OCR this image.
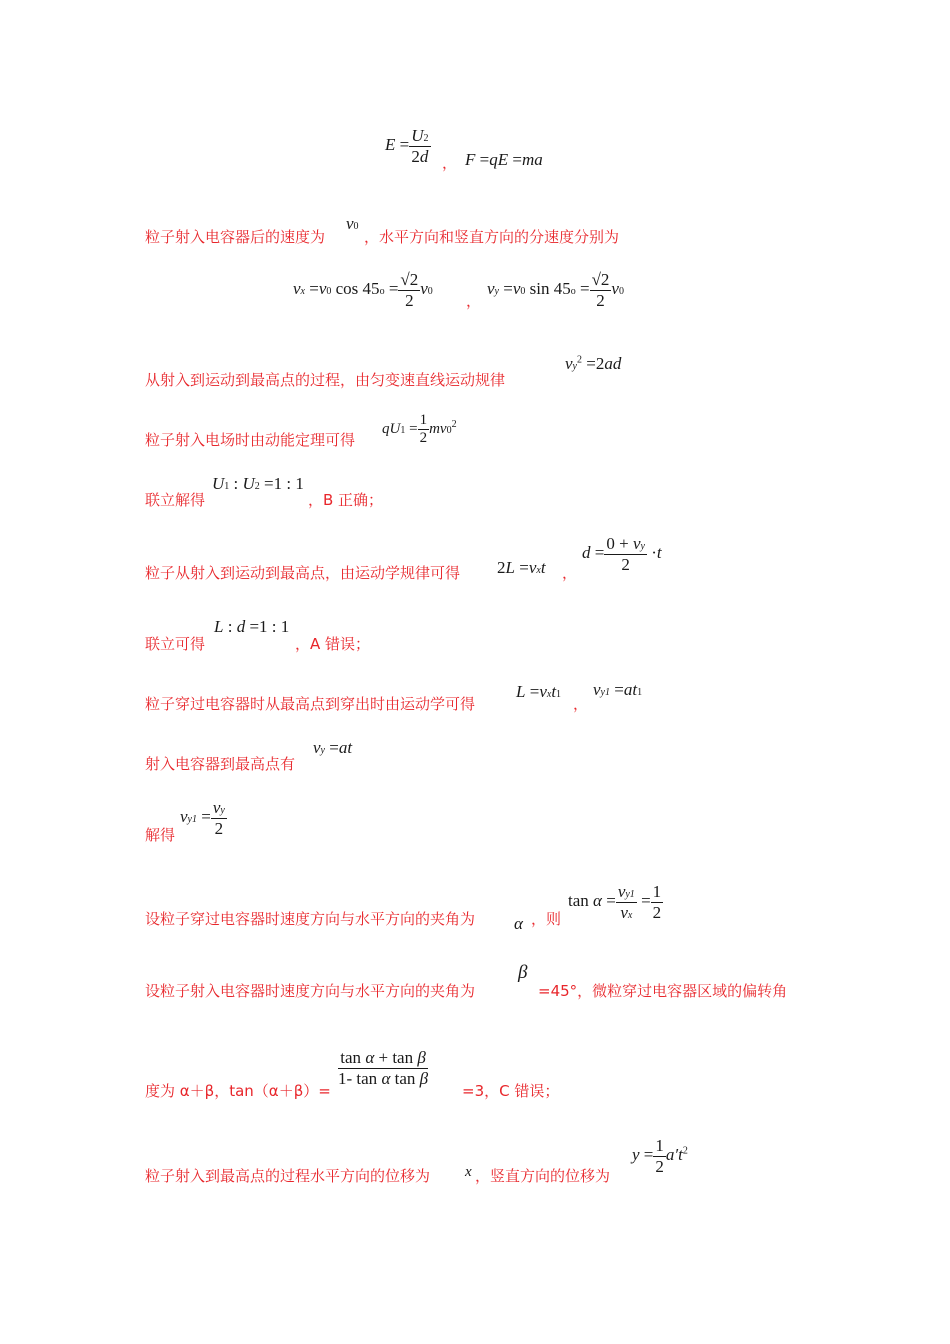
$E = \frac{U2}{2d}$ ， F =qE =ma
粒子射入电容器后的速度为
v0
，水平方向和竖直方向的分速度分别为
vx =v0 $\cos 45o = \frac{√2}{2} v0$
，
vy =v0 $\sin 45o = \frac{√2}{2} v0$
从射入到运动到最高点的过程，由匀变速直线运动规律
$vy^2 =2ad$
粒子射入电场时由动能定理可得
$qU1 = \frac{1}{2} mv0^2$
联立解得
U1 : U2 =1 : 1
，B 正确；
粒子从射入到运动到最高点，由运动学规律可得 2L =vxt ，
$d = \frac{0 + vy}{2} \cdot t$
联立可得
L : d =1 : 1
，A 错误；
粒子穿过电容器时从最高点到穿出时由运动学可得
L =vxt1
，
vy1 =at1
射入电容器到最高点有
vy =at
解得
$vy1 = \frac{vy}{2}$
设粒子穿过电容器时速度方向与水平方向的夹角为 α ，则
$\tan \alpha = \frac{vy1}{vx} = \frac{1}{2}$
设粒子射入电容器时速度方向与水平方向的夹角为
β
=45°，微粒穿过电容器区域的偏转角
度为 α＋β，tan（α＋β）=
$\frac{\text{tan α + tan β}}{\text{1- tan α tan β}}$
=3，C 错误；
粒子射入到最高点的过程水平方向的位移为 x ，竖直方向的位移为
$y = \frac{1}{2} a't^2$
